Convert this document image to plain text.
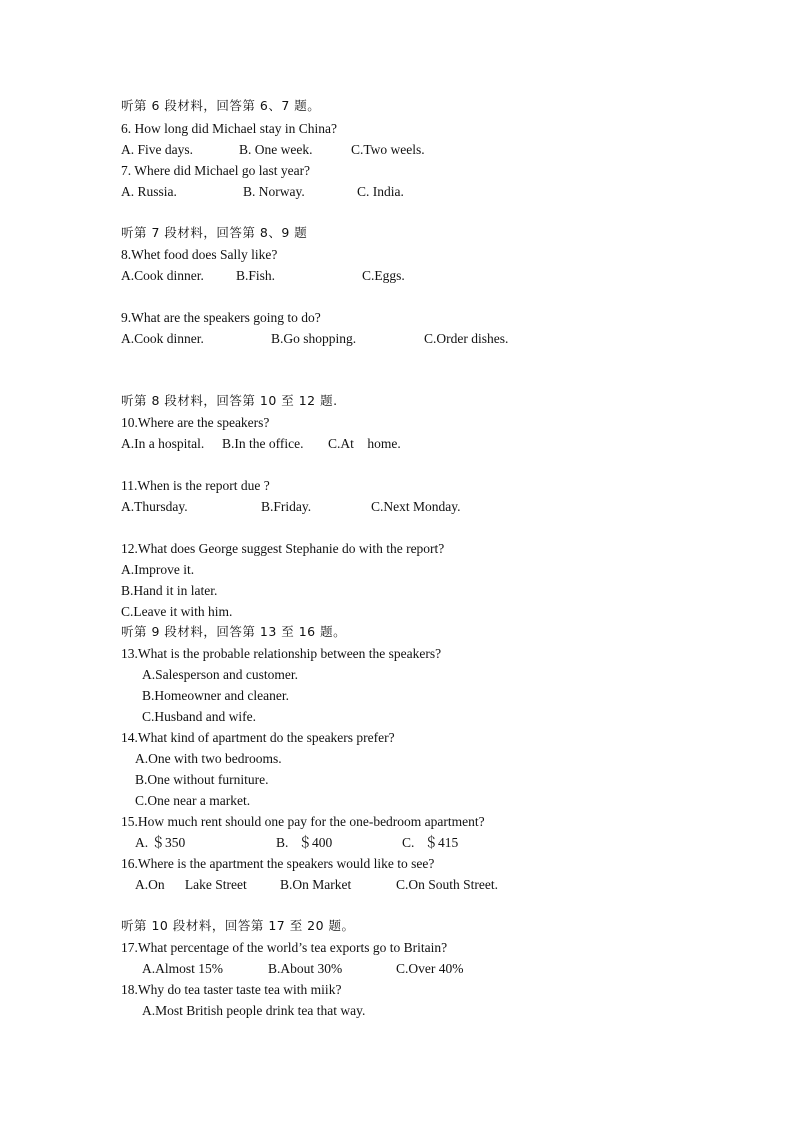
听第 6 段材料，回答第 6、7 题。
6. How long did Michael stay in China?
A. Five days.	B. One week.	C.Two weels.
7. Where did Michael go last year?
A. Russia.	B. Norway.	C. India.
听第 7 段材料，回答第 8、9 题
8.Whet food does Sally like?
A.Cook dinner. B.Fish.	C.Eggs.
9.What are the speakers going to do?
A.Cook dinner.	B.Go shopping.	C.Order dishes.
听第 8 段材料，回答第 10 至 12 题.
10.Where are the speakers?
A.In a hospital. B.In the office. C.At    home.
11.When is the report due ?
A.Thursday.	B.Friday.	C.Next Monday.
12.What does George suggest Stephanie do with the report?
A.Improve it.
B.Hand it in later.
C.Leave it with him.
听第 9 段材料，回答第 13 至 16 题。
13.What is the probable relationship between the speakers?
A.Salesperson and customer.
B.Homeowner and cleaner.
C.Husband and wife.
14.What kind of apartment do the speakers prefer?
A.One with two bedrooms.
B.One without furniture.
C.One near a market.
15.How much rent should one pay for the one-bedroom apartment?
A. ＄350	B.   ＄400	C.   ＄415
16.Where is the apartment the speakers would like to see?
A.On      Lake Street B.On Market	C.On South Street.
听第 10 段材料，回答第 17 至 20 题。
17.What percentage of the world’s tea exports go to Britain?
A.Almost 15%	B.About 30%	C.Over 40%
18.Why do tea taster taste tea with miik?
A.Most British people drink tea that way.
